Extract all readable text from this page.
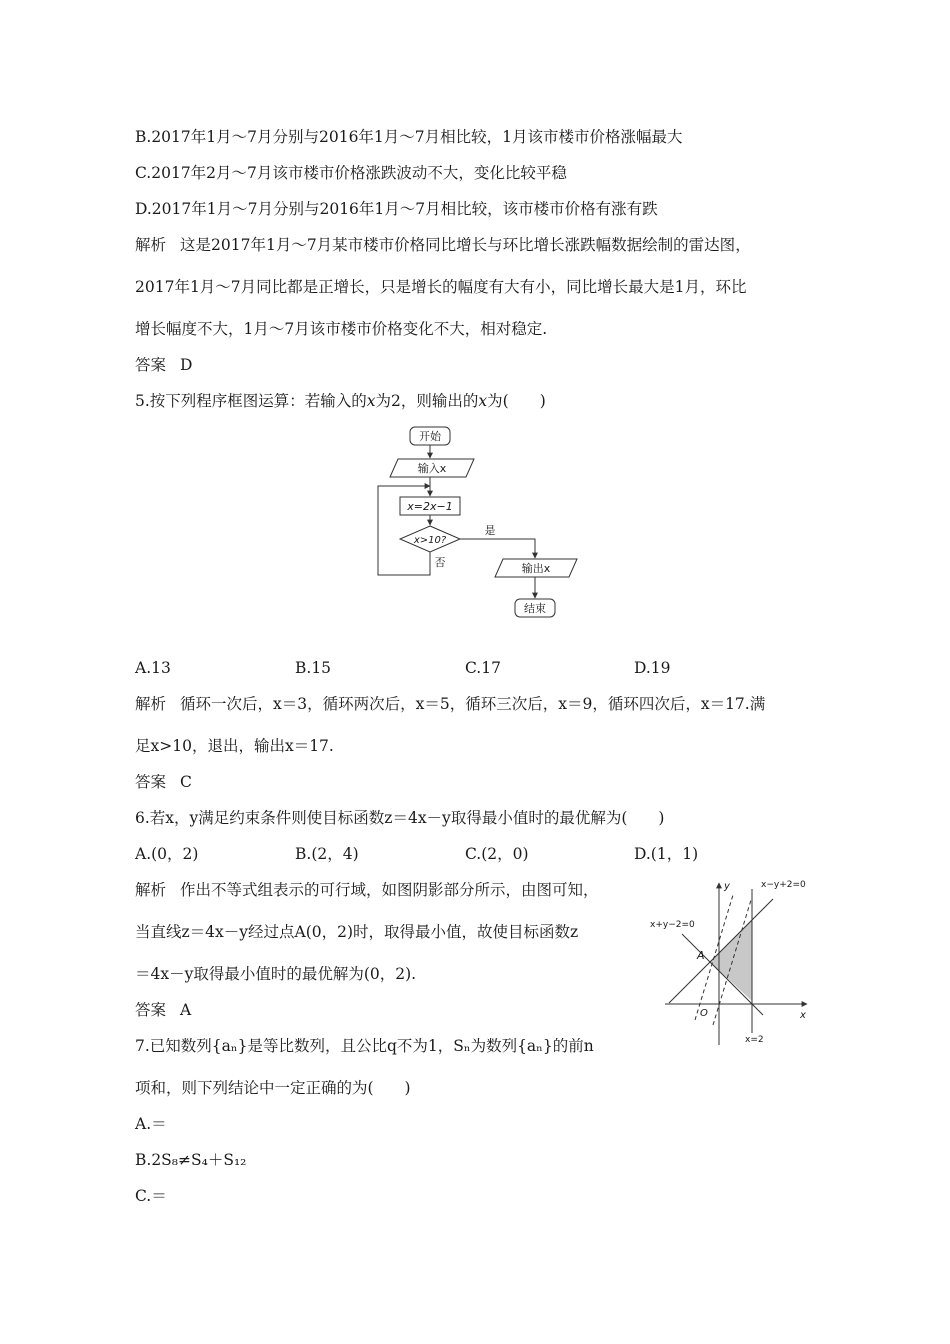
B.2017年1月～7月分别与2016年1月～7月相比较，1月该市楼市价格涨幅最大
C.2017年2月～7月该市楼市价格涨跌波动不大，变化比较平稳
D.2017年1月～7月分别与2016年1月～7月相比较，该市楼市价格有涨有跌
解析 这是2017年1月～7月某市楼市价格同比增长与环比增长涨跌幅数据绘制的雷达图，
2017年1月～7月同比都是正增长，只是增长的幅度有大有小，同比增长最大是1月，环比
增长幅度不大，1月～7月该市楼市价格变化不大，相对稳定.
答案 D
5.按下列程序框图运算：若输入的x为2，则输出的x为(　　)
开始
输入x
x=2x−1
x>10?
是
否	输出x
结束
A.13	B.15	C.17	D.19
解析 循环一次后，x＝3，循环两次后，x＝5，循环三次后，x＝9，循环四次后，x＝17.满
足x>10，退出，输出x＝17.
答案 C
6.若x，y满足约束条件则使目标函数z＝4x－y取得最小值时的最优解为(　　)
A.(0，2)	B.(2，4)	C.(2，0)	D.(1，1)
解析 作出不等式组表示的可行域，如图阴影部分所示，由图可知，
当直线z＝4x－y经过点A(0，2)时，取得最小值，故使目标函数z
＝4x－y取得最小值时的最优解为(0，2).
答案 A	x
y	x−y+2=0
x+y−2=0
x=2
A
O
7.已知数列{aₙ}是等比数列，且公比q不为1，Sₙ为数列{aₙ}的前n
项和，则下列结论中一定正确的为(　　)
A.＝
B.2S₈≠S₄＋S₁₂
C.＝
